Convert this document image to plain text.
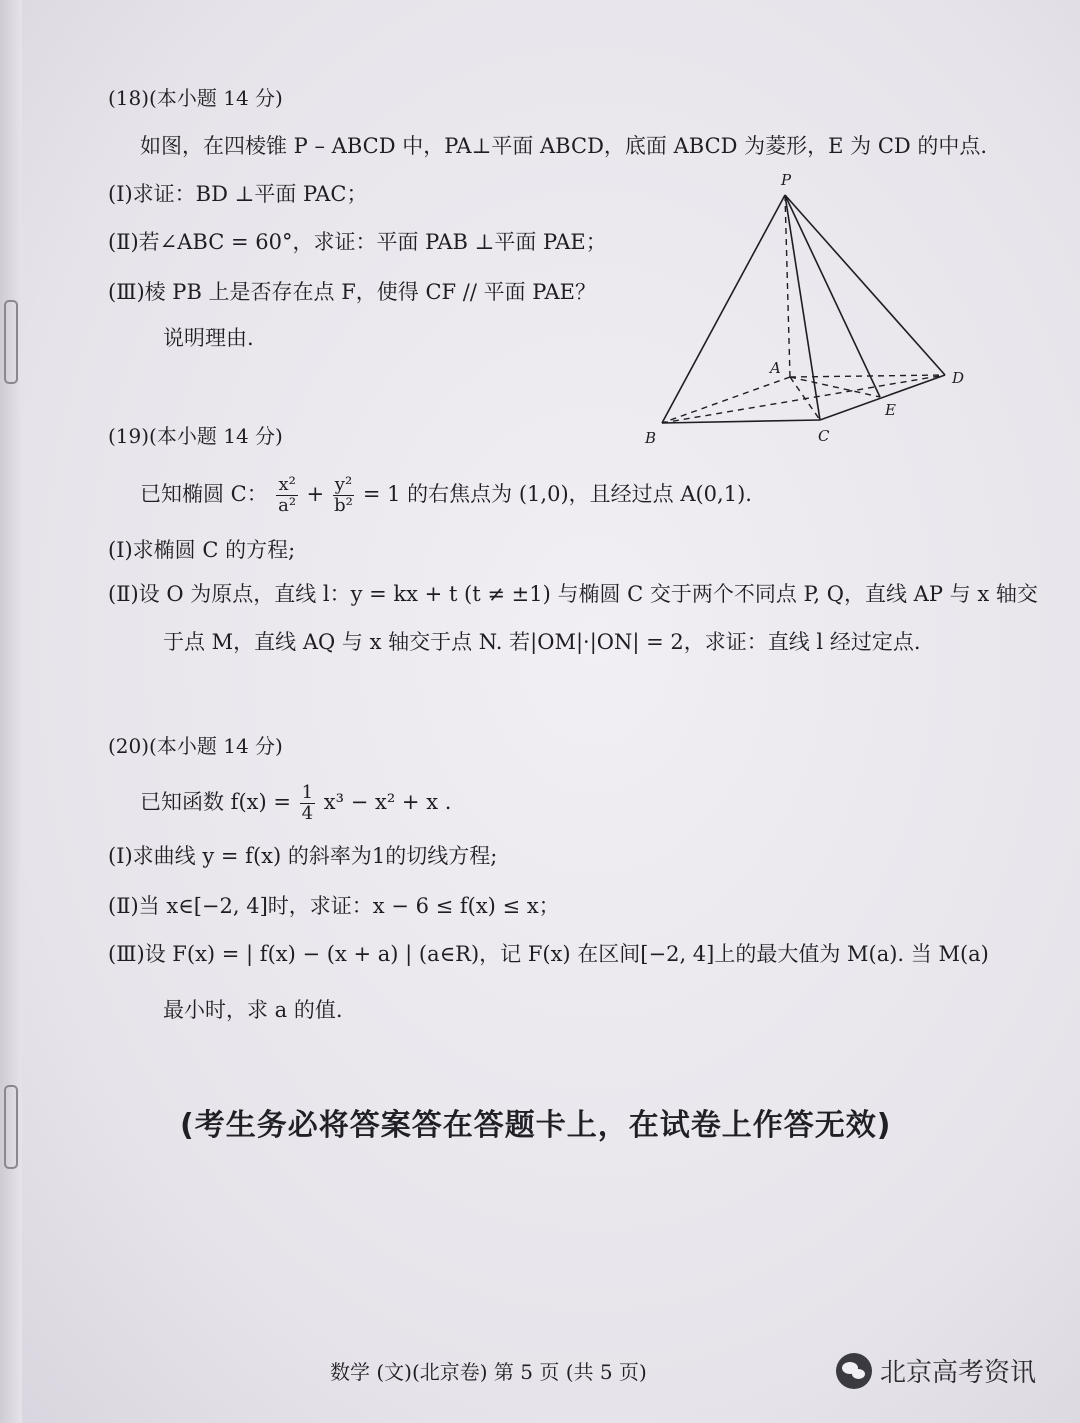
(18)(本小题 14 分)
如图，在四棱锥 P – ABCD 中，PA⊥平面 ABCD，底面 ABCD 为菱形，E 为 CD 的中点.
(Ⅰ)求证：BD ⊥平面 PAC；
(Ⅱ)若∠ABC = 60°，求证：平面 PAB ⊥平面 PAE；
(Ⅲ)棱 PB 上是否存在点 F，使得 CF // 平面 PAE？
说明理由.
P
A
B	C
D
E
(19)(本小题 14 分)
已知椭圆 C： $\frac{\text{x²}}{\text{a²}} + \frac{\text{y²}}{\text{b²}} = 1$ 的右焦点为 (1,0)，且经过点 A(0,1).
(Ⅰ)求椭圆 C 的方程;
(Ⅱ)设 O 为原点，直线 l：y = kx + t (t ≠ ±1) 与椭圆 C 交于两个不同点 P, Q，直线 AP 与 x 轴交
于点 M，直线 AQ 与 x 轴交于点 N. 若|OM|·|ON| = 2，求证：直线 l 经过定点.
(20)(本小题 14 分)
已知函数 $f(x) = \frac{1}{4} x^3 - x^2 + x$ .
(Ⅰ)求曲线 y = f(x) 的斜率为1的切线方程;
(Ⅱ)当 x∈[−2, 4]时，求证：x − 6 ≤ f(x) ≤ x；
(Ⅲ)设 F(x) = | f(x) − (x + a) | (a∈R)，记 F(x) 在区间[−2, 4]上的最大值为 M(a). 当 M(a)
最小时，求 a 的值.
(考生务必将答案答在答题卡上，在试卷上作答无效)
数学 (文)(北京卷) 第 5 页 (共 5 页)	北京高考资讯
